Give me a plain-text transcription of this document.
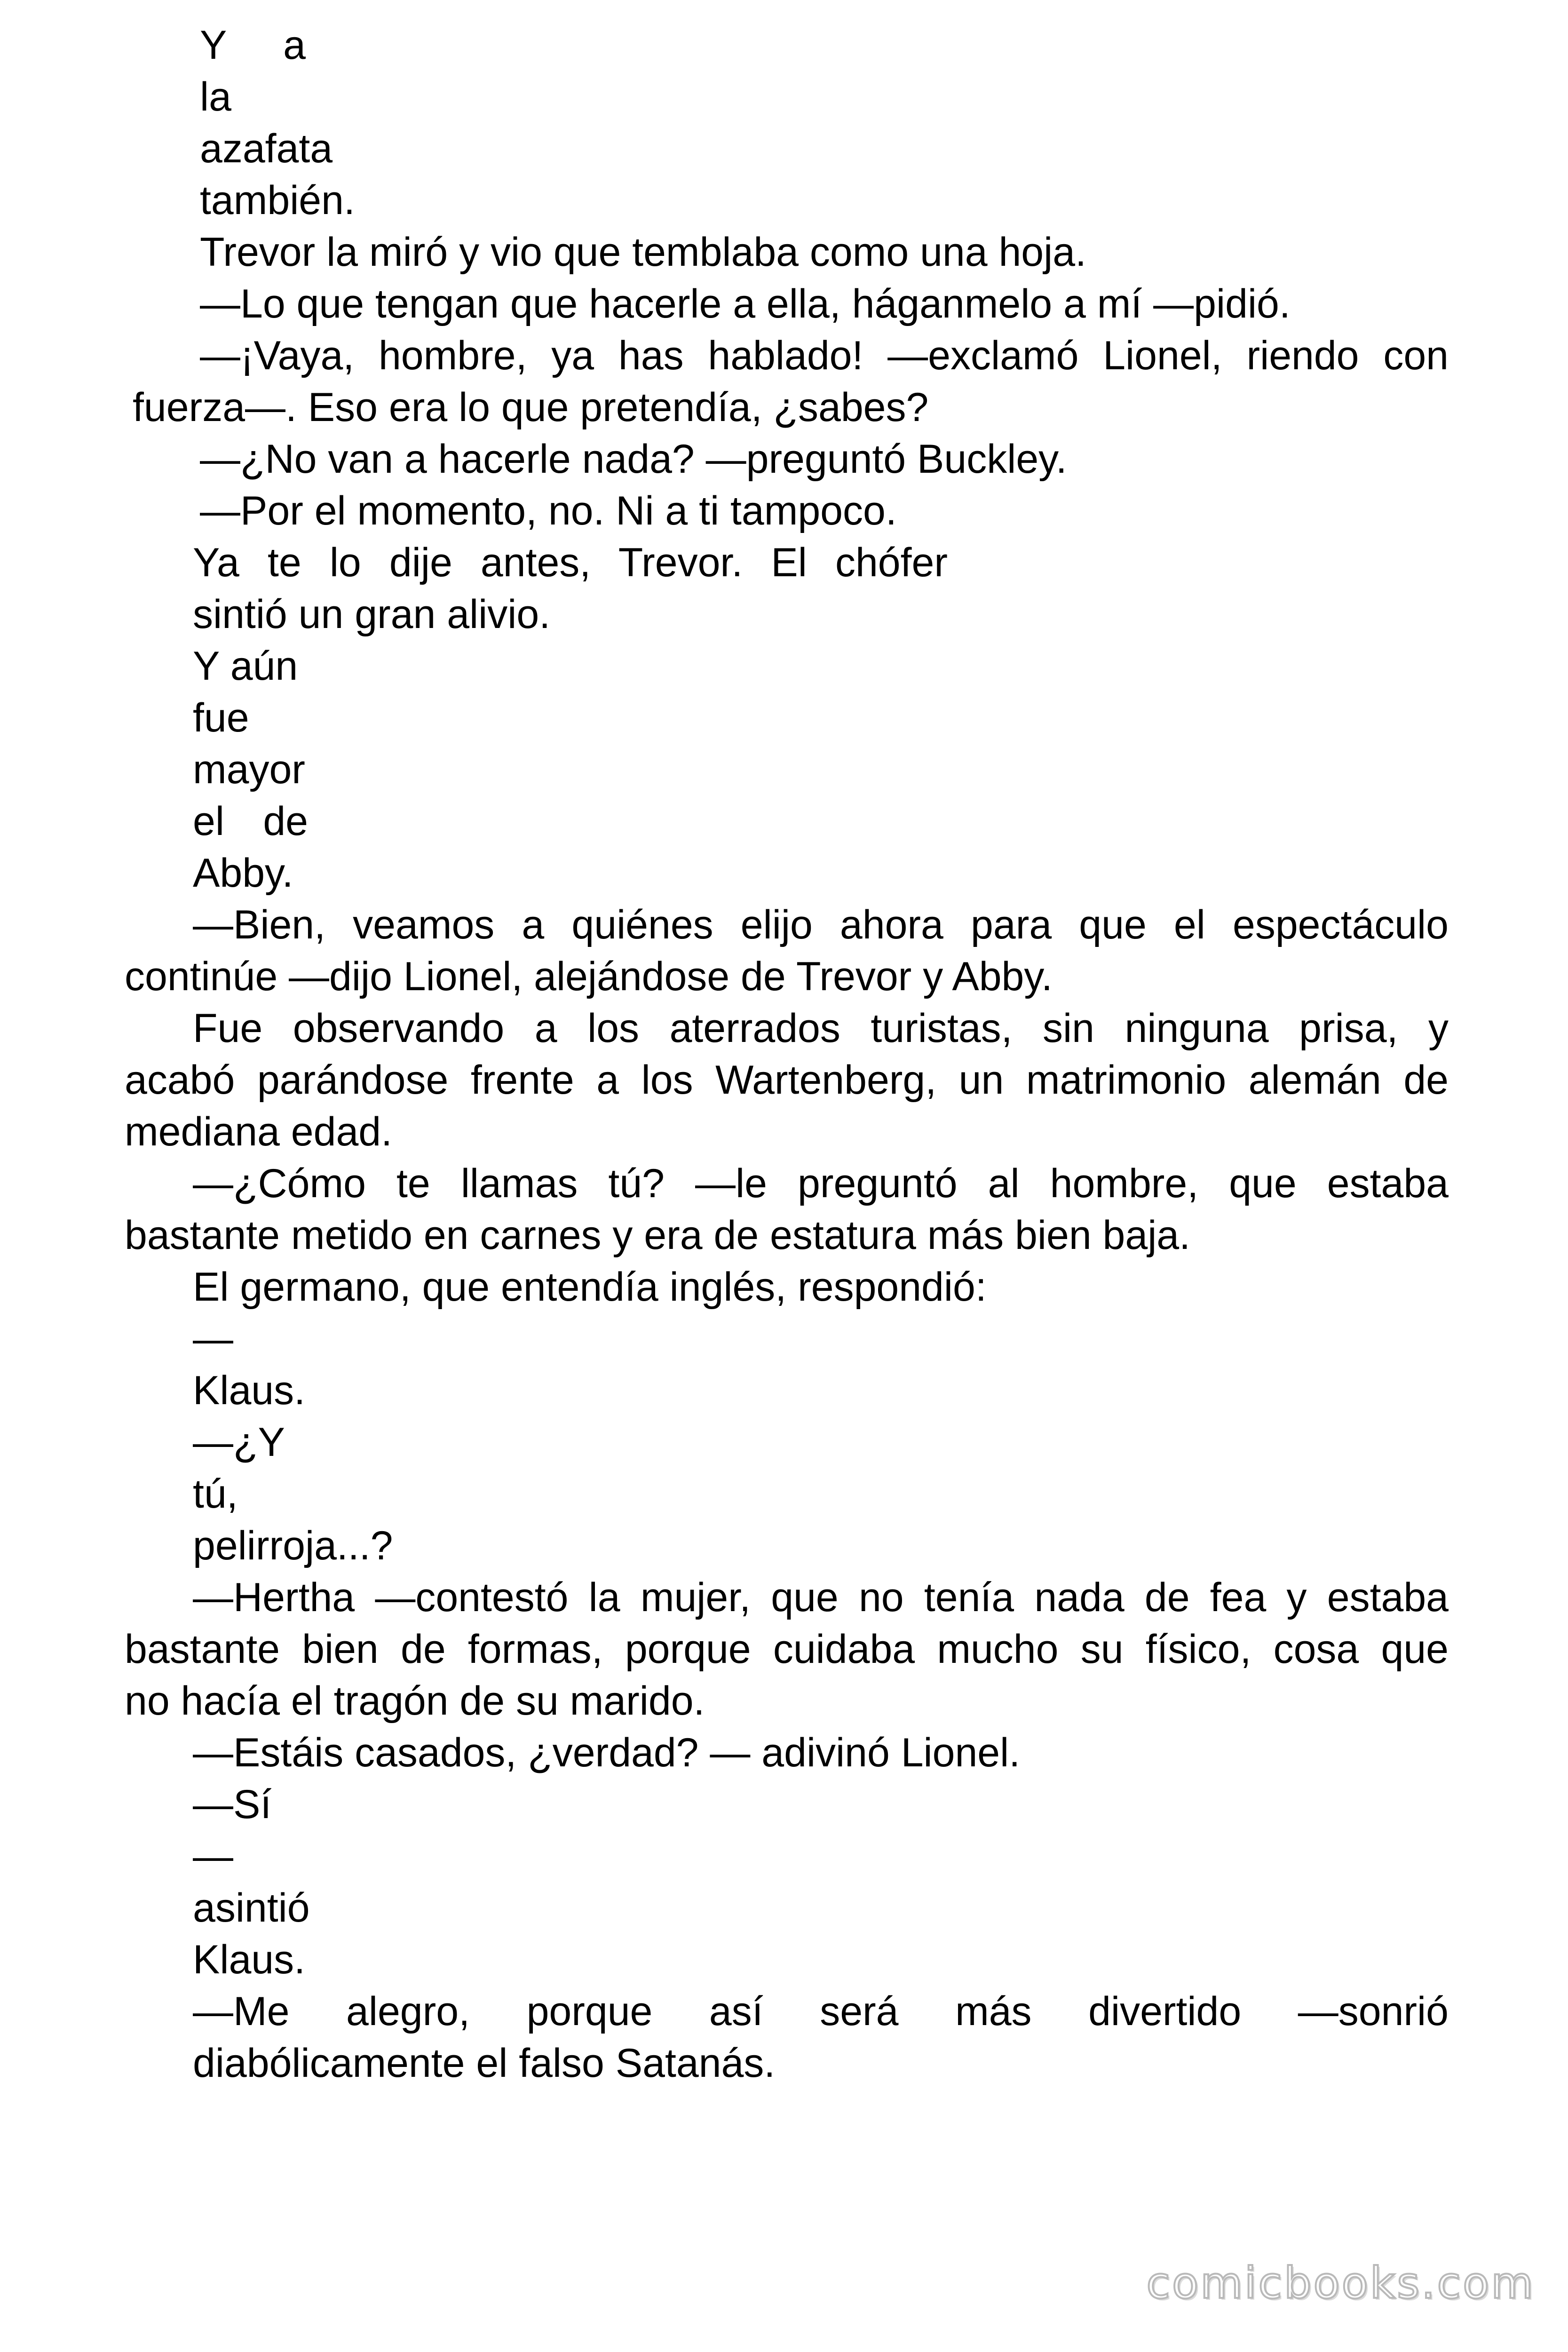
Y a
la
azafata
también.
Trevor la miró y vio que temblaba como una hoja.
—Lo que tengan que hacerle a ella, háganmelo a mí —pidió.
—¡Vaya, hombre, ya has hablado! —exclamó Lionel, riendo con
fuerza—. Eso era lo que pretendía, ¿sabes?
—¿No van a hacerle nada? —preguntó Buckley.
—Por el momento, no. Ni a ti tampoco.
Ya te lo dije antes, Trevor. El chófer
sintió un gran alivio.
Y aún
fue
mayor
el de
Abby.
—Bien, veamos a quiénes elijo ahora para que el espectáculo
continúe —dijo Lionel, alejándose de Trevor y Abby.
Fue observando a los aterrados turistas, sin ninguna prisa, y
acabó parándose frente a los Wartenberg, un matrimonio alemán de
mediana edad.
—¿Cómo te llamas tú? —le preguntó al hombre, que estaba
bastante metido en carnes y era de estatura más bien baja.
El germano, que entendía inglés, respondió:
—
Klaus.
—¿Y
tú,
pelirroja...?
—Hertha —contestó la mujer, que no tenía nada de fea y estaba
bastante bien de formas, porque cuidaba mucho su físico, cosa que
no hacía el tragón de su marido.
—Estáis casados, ¿verdad? — adivinó Lionel.
—Sí
—
asintió
Klaus.
—Me alegro, porque así será más divertido —sonrió
diabólicamente el falso Satanás.
comicbooks.com
